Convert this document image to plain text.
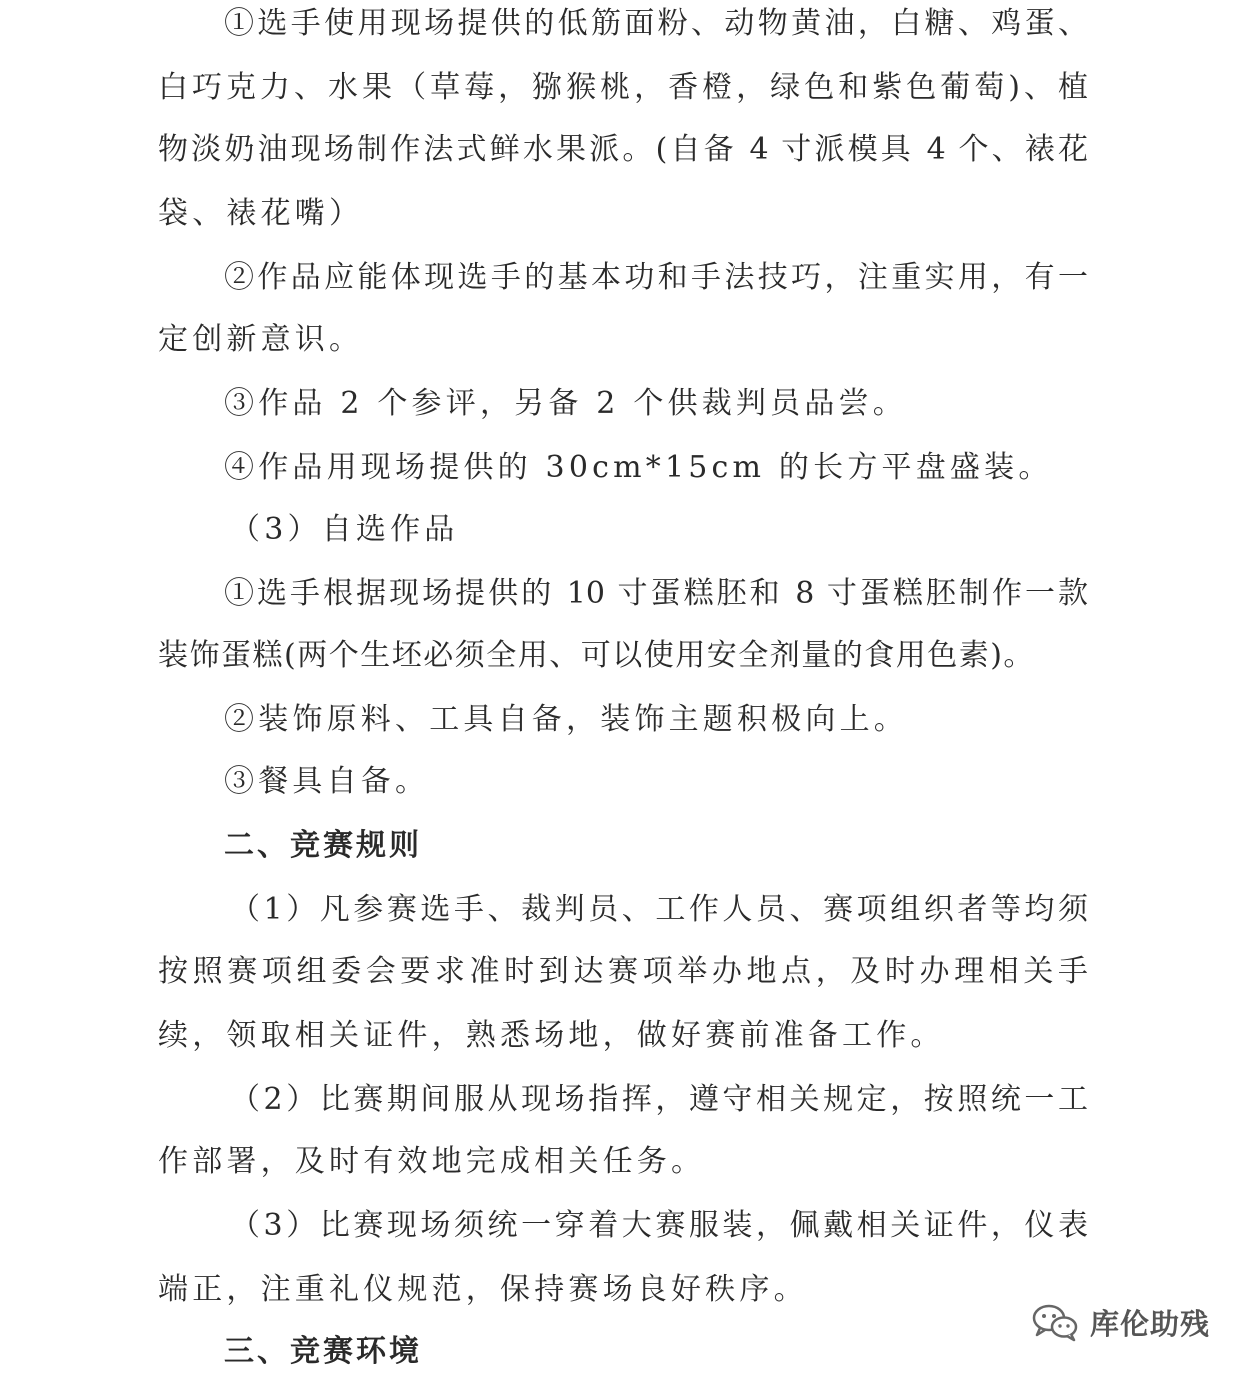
①选手使用现场提供的低筋面粉、动物黄油，白糖、鸡蛋、
白巧克力、水果（草莓，猕猴桃，香橙，绿色和紫色葡萄)、植
物淡奶油现场制作法式鲜水果派。(自备 4 寸派模具 4 个、裱花
袋、裱花嘴）
②作品应能体现选手的基本功和手法技巧，注重实用，有一
定创新意识。
③作品 2 个参评，另备 2 个供裁判员品尝。
④作品用现场提供的 30cm*15cm 的长方平盘盛装。
（3）自选作品
①选手根据现场提供的 10 寸蛋糕胚和 8 寸蛋糕胚制作一款
装饰蛋糕(两个生坯必须全用、可以使用安全剂量的食用色素)。
②装饰原料、工具自备，装饰主题积极向上。
③餐具自备。
二、竞赛规则
（1）凡参赛选手、裁判员、工作人员、赛项组织者等均须
按照赛项组委会要求准时到达赛项举办地点，及时办理相关手
续，领取相关证件，熟悉场地，做好赛前准备工作。
（2）比赛期间服从现场指挥，遵守相关规定，按照统一工
作部署，及时有效地完成相关任务。
（3）比赛现场须统一穿着大赛服装，佩戴相关证件，仪表
端正，注重礼仪规范，保持赛场良好秩序。
三、竞赛环境
库伦助残
